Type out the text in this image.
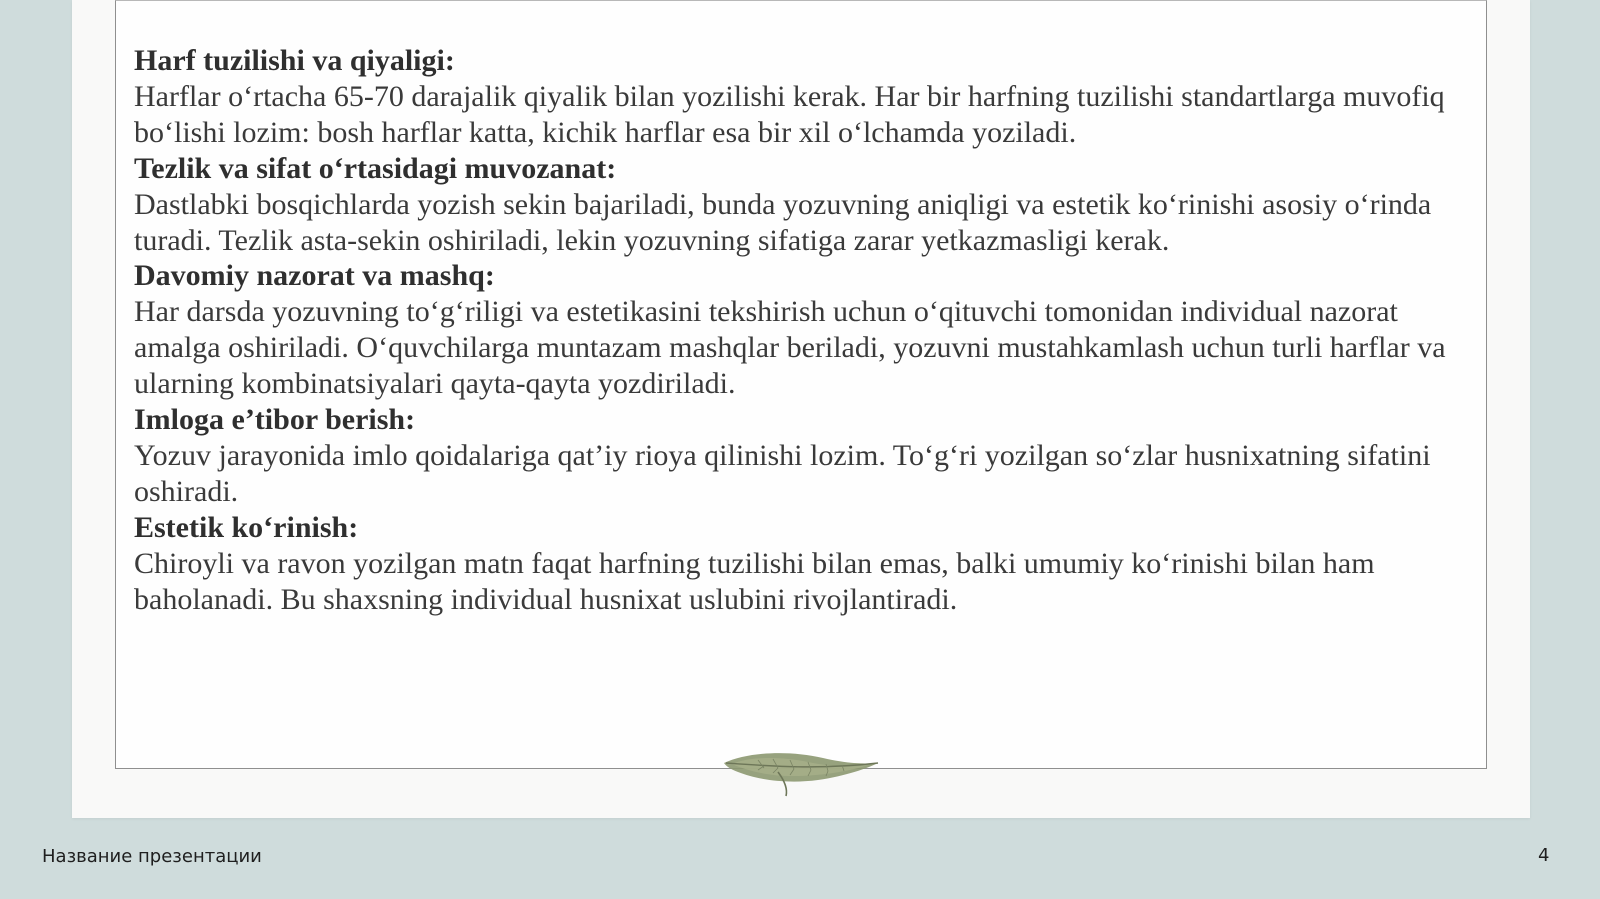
Harf tuzilishi va qiyaligi:
Harflar oʻrtacha 65-70 darajalik qiyalik bilan yozilishi kerak. Har bir harfning tuzilishi standartlarga muvofiq boʻlishi lozim: bosh harflar katta, kichik harflar esa bir xil oʻlchamda yoziladi.
Tezlik va sifat oʻrtasidagi muvozanat:
Dastlabki bosqichlarda yozish sekin bajariladi, bunda yozuvning aniqligi va estetik koʻrinishi asosiy oʻrinda turadi. Tezlik asta-sekin oshiriladi, lekin yozuvning sifatiga zarar yetkazmasligi kerak.
Davomiy nazorat va mashq:
Har darsda yozuvning toʻgʻriligi va estetikasini tekshirish uchun oʻqituvchi tomonidan individual nazorat amalga oshiriladi. Oʻquvchilarga muntazam mashqlar beriladi, yozuvni mustahkamlash uchun turli harflar va ularning kombinatsiyalari qayta-qayta yozdiriladi.
Imloga e’tibor berish:
Yozuv jarayonida imlo qoidalariga qat’iy rioya qilinishi lozim. Toʻgʻri yozilgan soʻzlar husnixatning sifatini oshiradi.
Estetik koʻrinish:
Chiroyli va ravon yozilgan matn faqat harfning tuzilishi bilan emas, balki umumiy koʻrinishi bilan ham baholanadi. Bu shaxsning individual husnixat uslubini rivojlantiradi.
Название презентации	4
